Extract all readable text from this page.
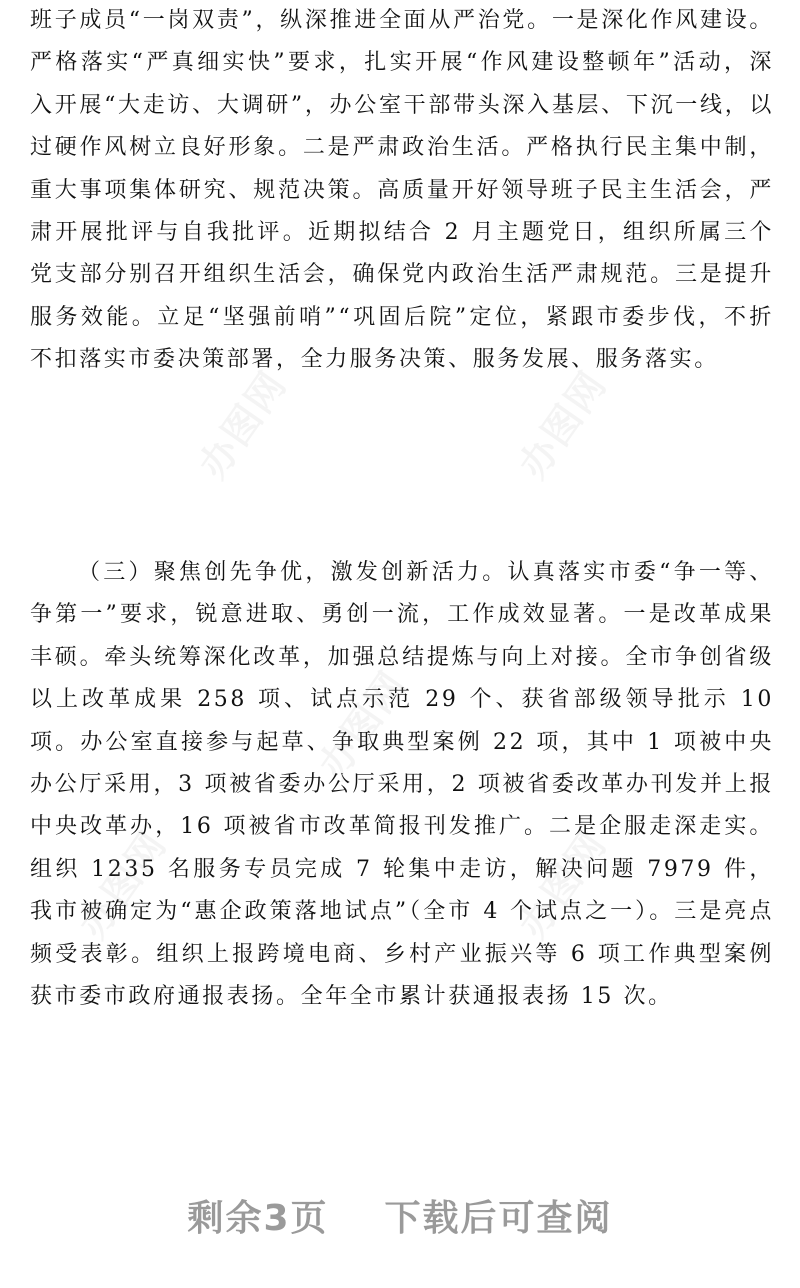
班子成员“一岗双责”，纵深推进全面从严治党。一是深化作风建设。严格落实“严真细实快”要求，扎实开展“作风建设整顿年”活动，深入开展“大走访、大调研”，办公室干部带头深入基层、下沉一线，以过硬作风树立良好形象。二是严肃政治生活。严格执行民主集中制，重大事项集体研究、规范决策。高质量开好领导班子民主生活会，严肃开展批评与自我批评。近期拟结合 2 月主题党日，组织所属三个党支部分别召开组织生活会，确保党内政治生活严肃规范。三是提升服务效能。立足“坚强前哨”“巩固后院”定位，紧跟市委步伐，不折不扣落实市委决策部署，全力服务决策、服务发展、服务落实。

（三）聚焦创先争优，激发创新活力。认真落实市委“争一等、争第一”要求，锐意进取、勇创一流，工作成效显著。一是改革成果丰硕。牵头统筹深化改革，加强总结提炼与向上对接。全市争创省级以上改革成果 258 项、试点示范 29 个、获省部级领导批示 10 项。办公室直接参与起草、争取典型案例 22 项，其中 1 项被中央办公厅采用，3 项被省委办公厅采用，2 项被省委改革办刊发并上报中央改革办，16 项被省市改革简报刊发推广。二是企服走深走实。组织 1235 名服务专员完成 7 轮集中走访，解决问题 7979 件，我市被确定为“惠企政策落地试点”（全市 4 个试点之一）。三是亮点频受表彰。组织上报跨境电商、乡村产业振兴等 6 项工作典型案例获市委市政府通报表扬。全年全市累计获通报表扬 15 次。

办图网	办图网
办图网
办图网	办图网
剩余3页 下载后可查阅
